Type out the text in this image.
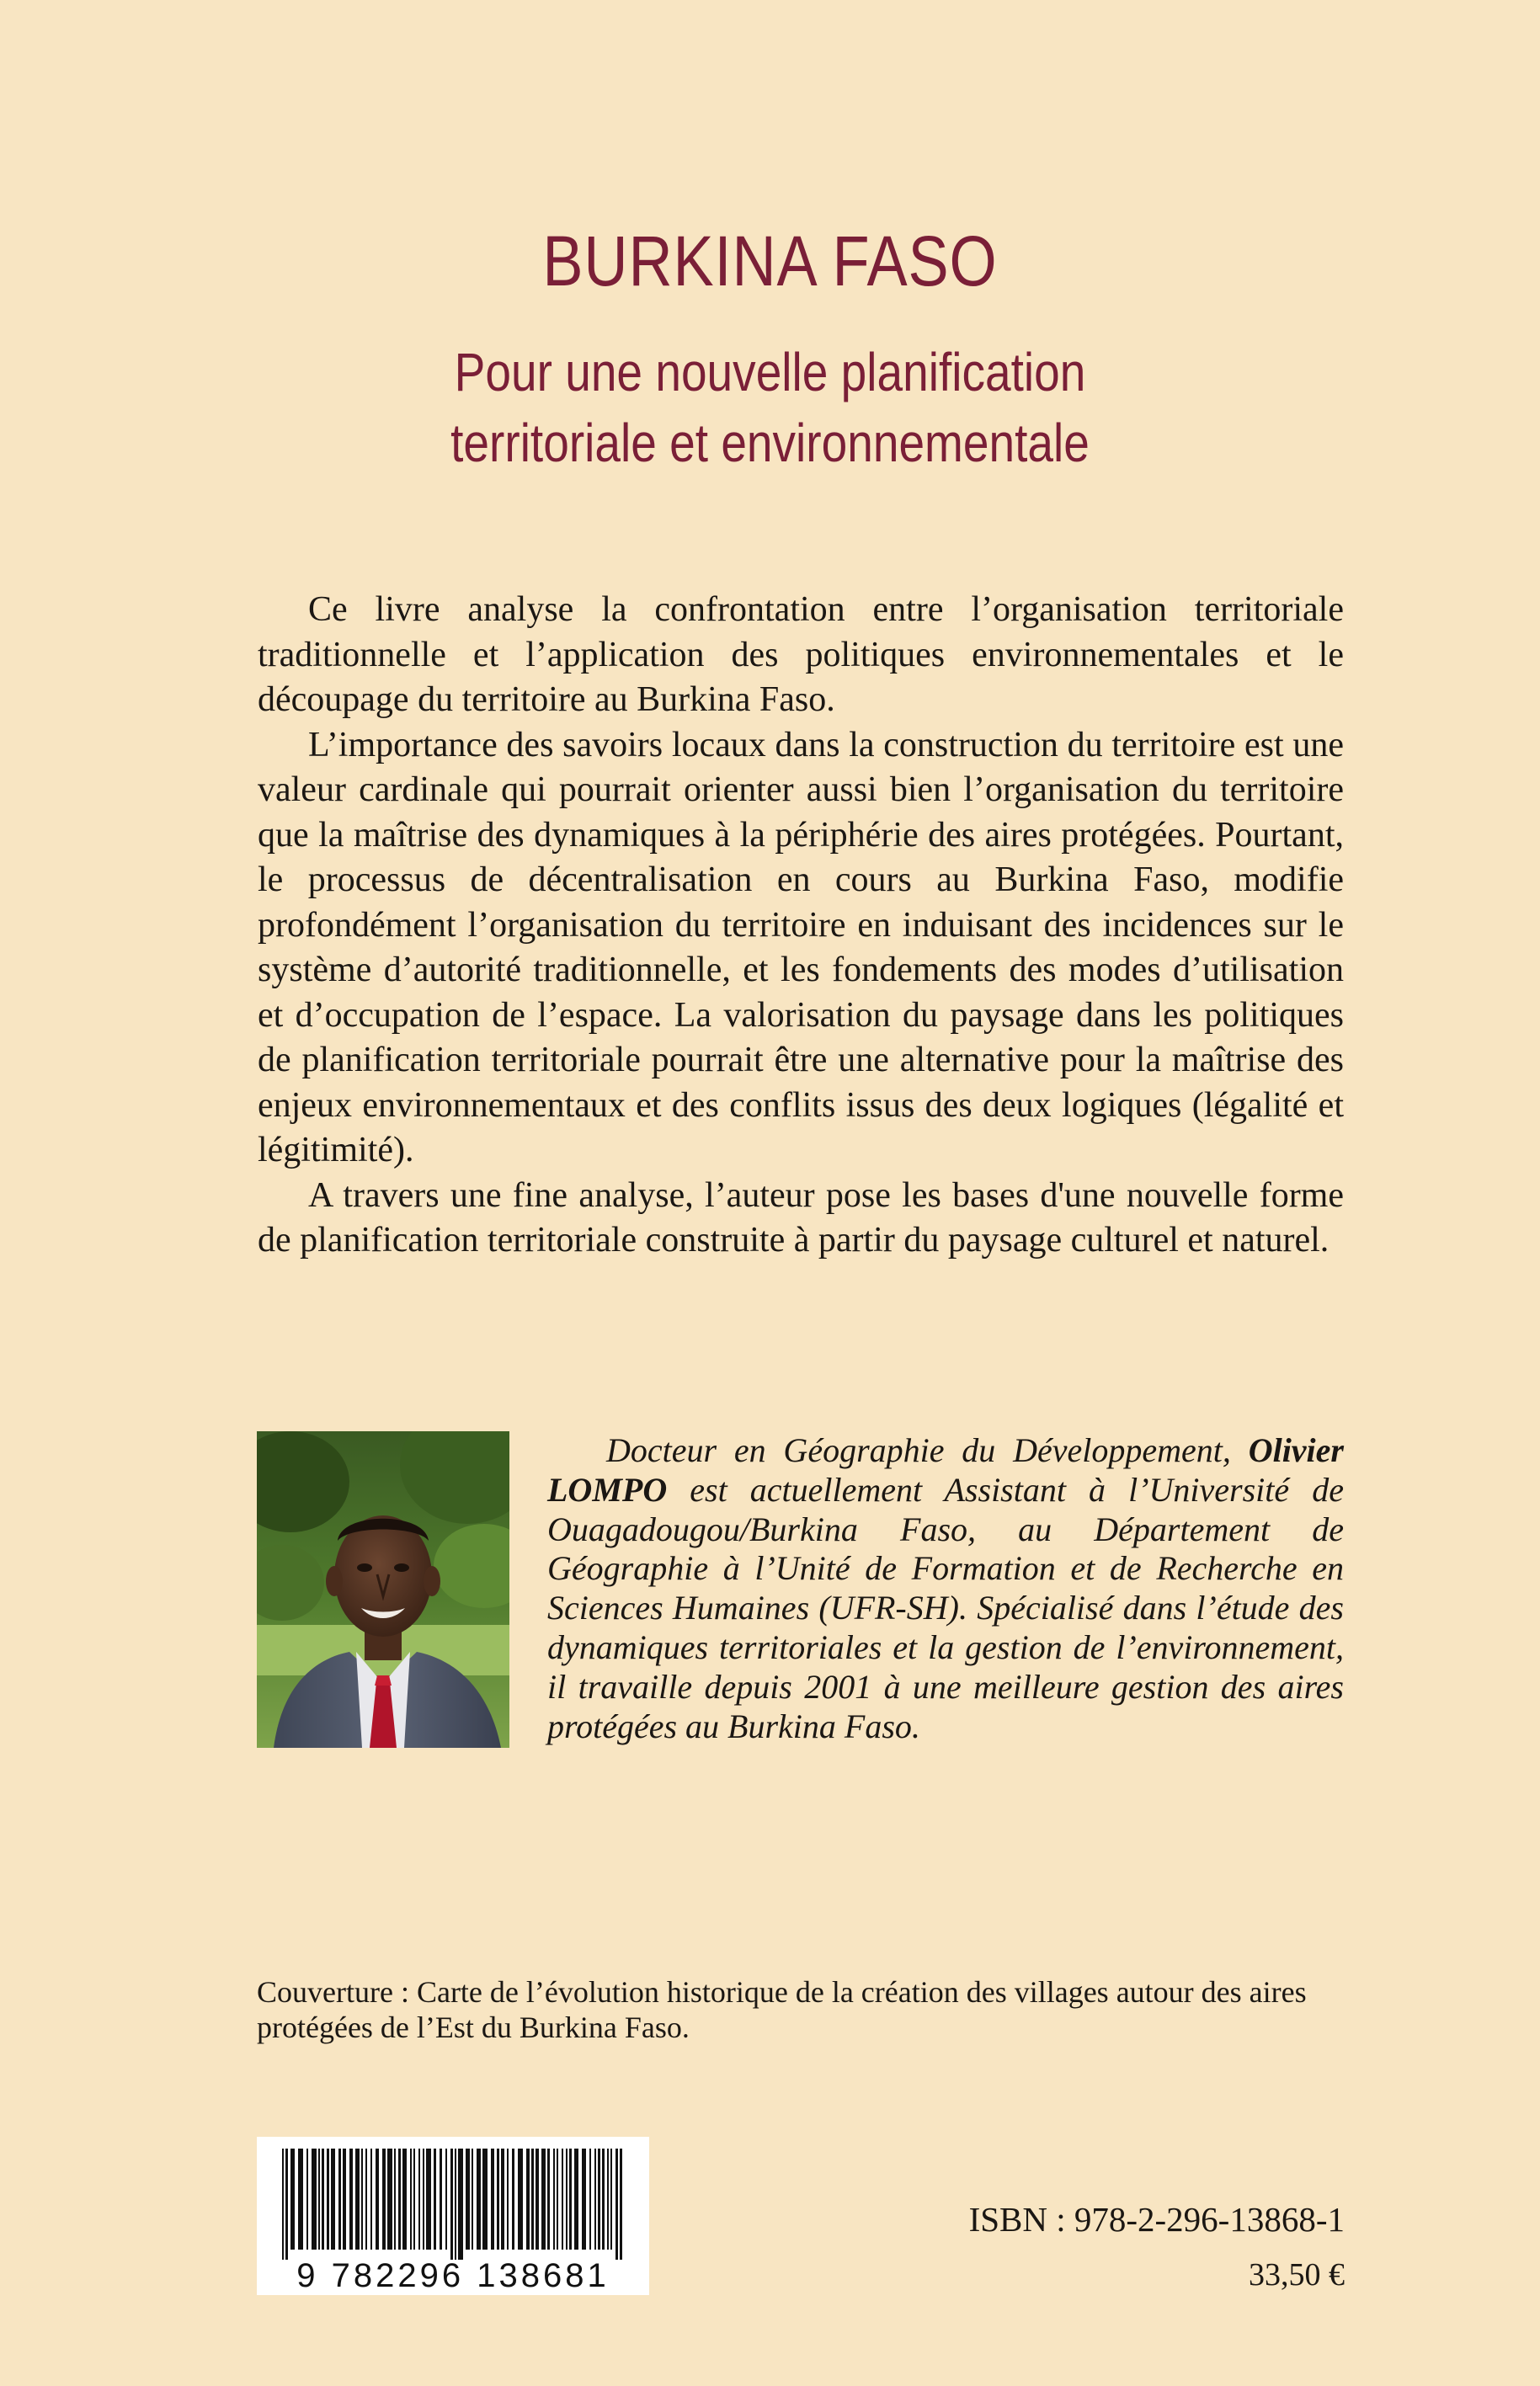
BURKINA FASO
Pour une nouvelle planification
territoriale et environnementale

Ce livre analyse la confrontation entre l’organisation territoriale traditionnelle et l’application des politiques environnementales et le découpage du territoire au Burkina Faso.

L’importance des savoirs locaux dans la construction du territoire est une valeur cardinale qui pourrait orienter aussi bien l’organisation du territoire que la maîtrise des dynamiques à la périphérie des aires protégées. Pourtant, le processus de décentralisation en cours au Burkina Faso, modifie profondément l’organisation du territoire en induisant des incidences sur le système d’autorité traditionnelle, et les fondements des modes d’utilisation et d’occupation de l’espace. La valorisation du paysage dans les politiques de planification territoriale pourrait être une alternative pour la maîtrise des enjeux environnementaux et des conflits issus des deux logiques (légalité et légitimité).

A travers une fine analyse, l’auteur pose les bases d'une nouvelle forme de planification territoriale construite à partir du paysage culturel et naturel.

Docteur en Géographie du Développement, Olivier LOMPO est actuellement Assistant à l’Université de Ouagadougou/Burkina Faso, au Département de Géographie à l’Unité de Formation et de Recherche en Sciences Humaines (UFR-SH). Spécialisé dans l’étude des dynamiques territoriales et la gestion de l’environnement, il travaille depuis 2001 à une meilleure gestion des aires protégées au Burkina Faso.
Couverture : Carte de l’évolution historique de la création des villages autour des aires protégées de l’Est du Burkina Faso.
9 782296 138681
ISBN : 978-2-296-13868-1
33,50 €
